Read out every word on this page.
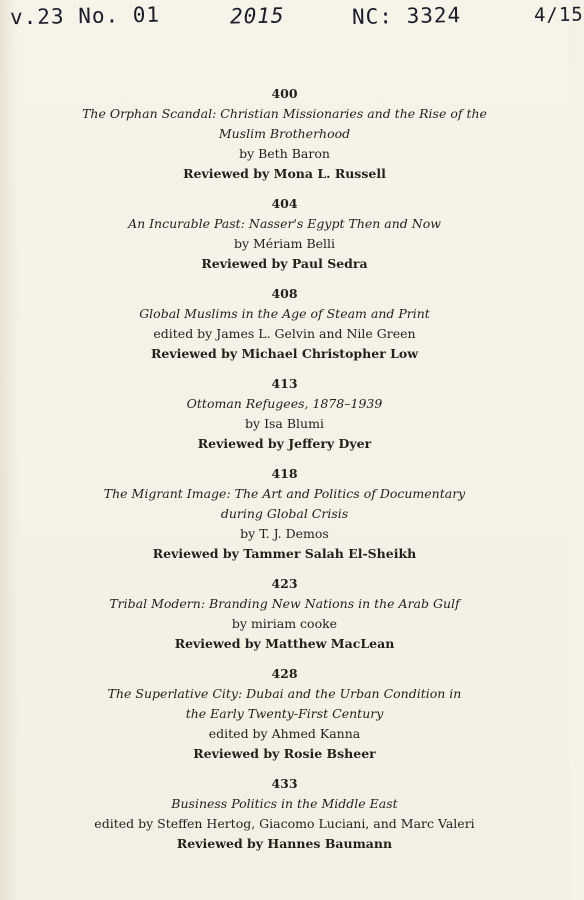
v.23 No. 01	2015	NC: 3324	4/15
400
The Orphan Scandal: Christian Missionaries and the Rise of the
Muslim Brotherhood
by Beth Baron
Reviewed by Mona L. Russell
404
An Incurable Past: Nasser's Egypt Then and Now
by Mériam Belli
Reviewed by Paul Sedra
408
Global Muslims in the Age of Steam and Print
edited by James L. Gelvin and Nile Green
Reviewed by Michael Christopher Low
413
Ottoman Refugees, 1878–1939
by Isa Blumi
Reviewed by Jeffery Dyer
418
The Migrant Image: The Art and Politics of Documentary
during Global Crisis
by T. J. Demos
Reviewed by Tammer Salah El-Sheikh
423
Tribal Modern: Branding New Nations in the Arab Gulf
by miriam cooke
Reviewed by Matthew MacLean
428
The Superlative City: Dubai and the Urban Condition in
the Early Twenty-First Century
edited by Ahmed Kanna
Reviewed by Rosie Bsheer
433
Business Politics in the Middle East
edited by Steffen Hertog, Giacomo Luciani, and Marc Valeri
Reviewed by Hannes Baumann
